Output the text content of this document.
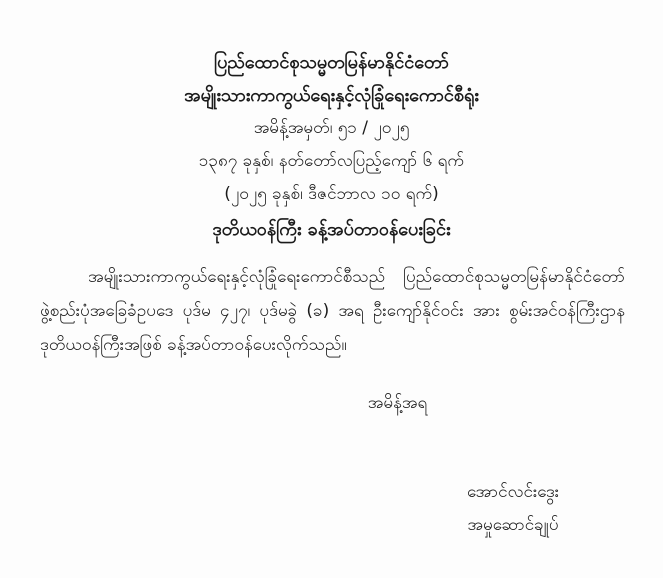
ပြည်ထောင်စုသမ္မတမြန်မာနိုင်ငံတော်
အမျိုးသားကာကွယ်ရေးနှင့်လုံခြုံရေးကောင်စီရုံး
အမိန့်အမှတ်၊ ၅၁ / ၂၀၂၅
၁၃၈၇ ခုနှစ်၊ နတ်တော်လပြည့်ကျော် ၆ ရက်
(၂၀၂၅ ခုနှစ်၊ ဒီဇင်ဘာလ ၁၀ ရက်)
ဒုတိယဝန်ကြီး ခန့်အပ်တာဝန်ပေးခြင်း

အမျိုးသားကာကွယ်ရေးနှင့်လုံခြုံရေးကောင်စီသည် ပြည်ထောင်စုသမ္မတမြန်မာနိုင်ငံတော် ဖွဲ့စည်းပုံအခြေခံဥပဒေ ပုဒ်မ ၄၂၇၊ ပုဒ်မခွဲ (ခ) အရ ဦးကျော်နိုင်ဝင်း အား စွမ်းအင်ဝန်ကြီးဌာန ဒုတိယဝန်ကြီးအဖြစ် ခန့်အပ်တာဝန်ပေးလိုက်သည်။

အမိန့်အရ
အောင်လင်းဒွေး
အမှုဆောင်ချုပ်
